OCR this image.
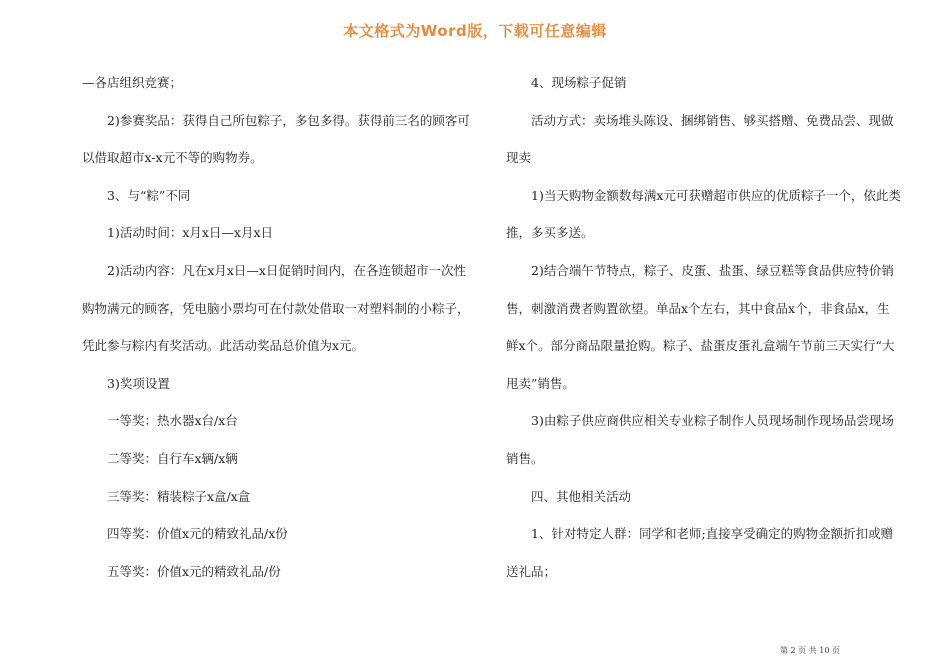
本文格式为Word版，下载可任意编辑

—各店组织竞赛；

2)参赛奖品：获得自己所包粽子，多包多得。获得前三名的顾客可以借取超市x-x元不等的购物券。

3、与“粽”不同

1)活动时间：x月x日—x月x日

2)活动内容：凡在x月x日—x日促销时间内，在各连锁超市一次性购物满元的顾客，凭电脑小票均可在付款处借取一对塑料制的小粽子，凭此参与粽内有奖活动。此活动奖品总价值为x元。

3)奖项设置

一等奖：热水器x台/x台

二等奖：自行车x辆/x辆

三等奖：精装粽子x盒/x盒

四等奖：价值x元的精致礼品/x份

五等奖：价值x元的精致礼品/份

4、现场粽子促销

活动方式：卖场堆头陈设、捆绑销售、够买搭赠、免费品尝、现做现卖

1)当天购物金额数每满x元可获赠超市供应的优质粽子一个，依此类推，多买多送。

2)结合端午节特点，粽子、皮蛋、盐蛋、绿豆糕等食品供应特价销售，刺激消费者购置欲望。单品x个左右，其中食品x个，非食品x，生鲜x个。部分商品限量抢购。粽子、盐蛋皮蛋礼盒端午节前三天实行“大甩卖”销售。

3)由粽子供应商供应相关专业粽子制作人员现场制作现场品尝现场销售。

四、其他相关活动

1、针对特定人群：同学和老师;直接享受确定的购物金额折扣或赠送礼品；

第 2 页 共 10 页
